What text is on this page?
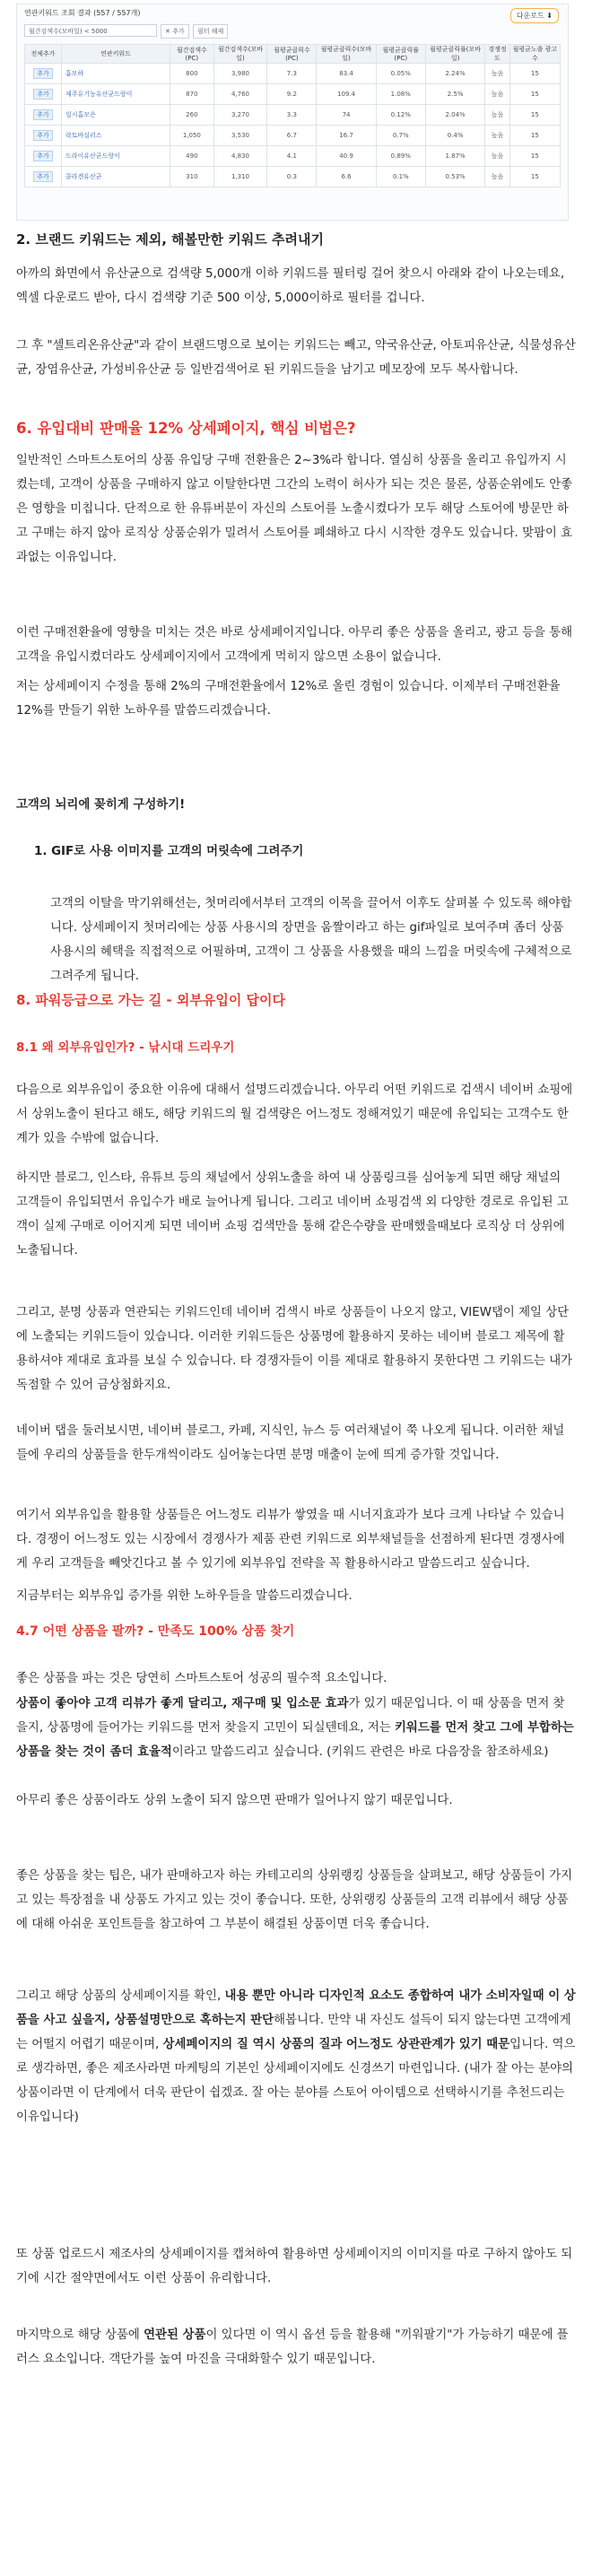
연관키워드 조회 결과 (557 / 557개)	다운로드 ⬇
월간검색수(모바일) < 5000	✕ 추가	필터 해제
전체추가	연관키워드	월간검색수(PC)	월간검색수(모바일)	월평균클릭수(PC)	월평균클릭수(모바일)	월평균클릭률(PC)	월평균클릭률(모바일)	경쟁정도	월평균노출 광고수
추가	흡모하	800	3,980	7.3	83.4	0.05%	2.24%	높음	15
추가	제주유기농유산균드랑이	870	4,760	9.2	109.4	1.08%	2.5%	높음	15
추가	일시흡모은	260	3,270	3.3	74	0.12%	2.04%	높음	15
추가	락토바실러스	1,050	3,530	6.7	16.7	0.7%	0.4%	높음	15
추가	드라이유산균드랑이	490	4,830	4.1	40.9	0.89%	1.87%	높음	15
추가	콜라겐유산균	310	1,310	0.3	6.6	0.1%	0.53%	높음	15

2. 브랜드 키워드는 제외, 해볼만한 키워드 추려내기

아까의 화면에서 유산균으로 검색량 5,000개 이하 키워드를 필터링 걸어 찾으시 아래와 같이 나오는데요, 엑셀 다운로드 받아, 다시 검색량 기준 500 이상, 5,000이하로 필터를 겁니다.

그 후 "셀트리온유산균"과 같이 브랜드명으로 보이는 키워드는 빼고, 약국유산균, 아토피유산균, 식물성유산균, 장염유산균, 가성비유산균 등 일반검색어로 된 키워드들을 남기고 메모장에 모두 복사합니다.

6. 유입대비 판매율 12% 상세페이지, 핵심 비법은?

일반적인 스마트스토어의 상품 유입당 구매 전환율은 2~3%라 합니다. 열심히 상품을 올리고 유입까지 시켰는데, 고객이 상품을 구매하지 않고 이탈한다면 그간의 노력이 허사가 되는 것은 물론, 상품순위에도 안좋은 영향을 미칩니다. 단적으로 한 유튜버분이 자신의 스토어를 노출시켰다가 모두 해당 스토어에 방문만 하고 구매는 하지 않아 로직상 상품순위가 밀려서 스토어를 폐쇄하고 다시 시작한 경우도 있습니다. 맞팜이 효과없는 이유입니다.

이런 구매전환율에 영향을 미치는 것은 바로 상세페이지입니다. 아무리 좋은 상품을 올리고, 광고 등을 통해 고객을 유입시켰더라도 상세페이지에서 고객에게 먹히지 않으면 소용이 없습니다.

저는 상세페이지 수정을 통해 2%의 구매전환율에서 12%로 올린 경험이 있습니다. 이제부터 구매전환율 12%를 만들기 위한 노하우를 말씀드리겠습니다.

고객의 뇌리에 꽂히게 구성하기!

1. GIF로 사용 이미지를 고객의 머릿속에 그려주기

고객의 이탈을 막기위해선는, 첫머리에서부터 고객의 이목을 끌어서 이후도 살펴볼 수 있도록 해야합니다. 상세페이지 첫머리에는 상품 사용시의 장면을 움짤이라고 하는 gif파일로 보여주며 좀더 상품 사용시의 혜택을 직접적으로 어필하며, 고객이 그 상품을 사용했을 때의 느낌을 머릿속에 구체적으로 그려주게 됩니다.

8. 파워등급으로 가는 길 - 외부유입이 답이다

8.1 왜 외부유입인가? - 낚시대 드리우기

다음으로 외부유입이 중요한 이유에 대해서 설명드리겠습니다. 아무리 어떤 키워드로 검색시 네이버 쇼핑에서 상위노출이 된다고 해도, 해당 키워드의 월 검색량은 어느정도 정해져있기 때문에 유입되는 고객수도 한계가 있을 수밖에 없습니다.

하지만 블로그, 인스타, 유튜브 등의 채널에서 상위노출을 하여 내 상품링크를 심어놓게 되면 해당 채널의 고객들이 유입되면서 유입수가 배로 늘어나게 됩니다. 그리고 네이버 쇼핑검색 외 다양한 경로로 유입된 고객이 실제 구매로 이어지게 되면 네이버 쇼핑 검색만을 통해 같은수량을 판매했을때보다 로직상 더 상위에 노출됩니다.

그리고, 분명 상품과 연관되는 키워드인데 네이버 검색시 바로 상품들이 나오지 않고, VIEW탭이 제일 상단에 노출되는 키워드들이 있습니다. 이러한 키워드들은 상품명에 활용하지 못하는 네이버 블로그 제목에 활용하셔야 제대로 효과를 보실 수 있습니다. 타 경쟁자들이 이를 제대로 활용하지 못한다면 그 키워드는 내가 독점할 수 있어 금상첨화지요.

네이버 탭을 둘러보시면, 네이버 블로그, 카페, 지식인, 뉴스 등 여러채널이 쭉 나오게 됩니다. 이러한 채널들에 우리의 상품들을 한두개씩이라도 심어놓는다면 분명 매출이 눈에 띄게 증가할 것입니다.

여기서 외부유입을 활용할 상품들은 어느정도 리뷰가 쌓였을 때 시너지효과가 보다 크게 나타날 수 있습니다. 경쟁이 어느정도 있는 시장에서 경쟁사가 제품 관련 키워드로 외부채널들을 선점하게 된다면 경쟁사에게 우리 고객들을 빼앗긴다고 볼 수 있기에 외부유입 전략을 꼭 활용하시라고 말씀드리고 싶습니다.

지금부터는 외부유입 증가를 위한 노하우들을 말씀드리겠습니다.

4.7 어떤 상품을 팔까? - 만족도 100% 상품 찾기

좋은 상품을 파는 것은 당연히 스마트스토어 성공의 필수적 요소입니다.

상품이 좋아야 고객 리뷰가 좋게 달리고, 재구매 및 입소문 효과가 있기 때문입니다. 이 때 상품을 먼저 찾을지, 상품명에 들어가는 키워드를 먼저 찾을지 고민이 되실텐데요, 저는 키워드를 먼저 찾고 그에 부합하는 상품을 찾는 것이 좀더 효율적이라고 말씀드리고 싶습니다. (키워드 관련은 바로 다음장을 참조하세요)

아무리 좋은 상품이라도 상위 노출이 되지 않으면 판매가 일어나지 않기 때문입니다.

좋은 상품을 찾는 팁은, 내가 판매하고자 하는 카테고리의 상위랭킹 상품들을 살펴보고, 해당 상품들이 가지고 있는 특장점을 내 상품도 가지고 있는 것이 좋습니다. 또한, 상위랭킹 상품들의 고객 리뷰에서 해당 상품에 대해 아쉬운 포인트들을 참고하여 그 부분이 해결된 상품이면 더욱 좋습니다.

그리고 해당 상품의 상세페이지를 확인, 내용 뿐만 아니라 디자인적 요소도 종합하여 내가 소비자일때 이 상품을 사고 싶을지, 상품설명만으로 혹하는지 판단해봅니다. 만약 내 자신도 설득이 되지 않는다면 고객에게는 어떨지 어렵기 때문이며, 상세페이지의 질 역시 상품의 질과 어느정도 상관관계가 있기 때문입니다. 역으로 생각하면, 좋은 제조사라면 마케팅의 기본인 상세페이지에도 신경쓰기 마련입니다. (내가 잘 아는 분야의 상품이라면 이 단계에서 더욱 판단이 쉽겠죠. 잘 아는 분야를 스토어 아이템으로 선택하시기를 추천드리는 이유입니다)

또 상품 업로드시 제조사의 상세페이지를 캡쳐하여 활용하면 상세페이지의 이미지를 따로 구하지 않아도 되기에 시간 절약면에서도 이런 상품이 유리합니다.

마지막으로 해당 상품에 연관된 상품이 있다면 이 역시 옵션 등을 활용해 "끼워팔기"가 가능하기 때문에 플러스 요소입니다. 객단가를 높여 마진을 극대화할수 있기 때문입니다.
